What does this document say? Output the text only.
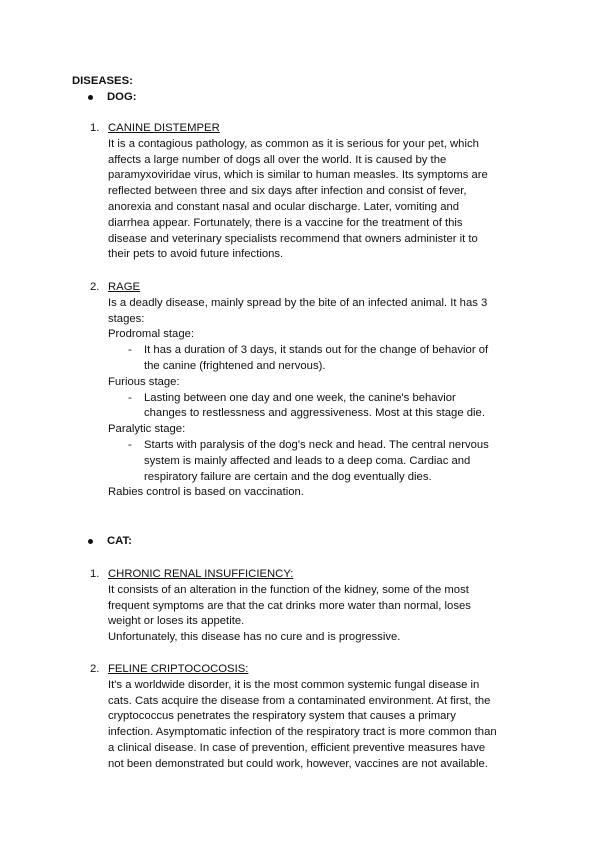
DISEASES:
DOG:
1. CANINE DISTEMPER

It is a contagious pathology, as common as it is serious for your pet, which

affects a large number of dogs all over the world. It is caused by the

paramyxoviridae virus, which is similar to human measles. Its symptoms are

reflected between three and six days after infection and consist of fever,

anorexia and constant nasal and ocular discharge. Later, vomiting and

diarrhea appear. Fortunately, there is a vaccine for the treatment of this

disease and veterinary specialists recommend that owners administer it to

their pets to avoid future infections.

2. RAGE

Is a deadly disease, mainly spread by the bite of an infected animal. It has 3

stages:

Prodromal stage:

- It has a duration of 3 days, it stands out for the change of behavior of

the canine (frightened and nervous).

Furious stage:

- Lasting between one day and one week, the canine's behavior

changes to restlessness and aggressiveness. Most at this stage die.

Paralytic stage:

- Starts with paralysis of the dog's neck and head. The central nervous

system is mainly affected and leads to a deep coma. Cardiac and

respiratory failure are certain and the dog eventually dies.

Rabies control is based on vaccination.

CAT:
1. CHRONIC RENAL INSUFFICIENCY:

It consists of an alteration in the function of the kidney, some of the most

frequent symptoms are that the cat drinks more water than normal, loses

weight or loses its appetite.

Unfortunately, this disease has no cure and is progressive.

2. FELINE CRIPTOCOCOSIS:

It's a worldwide disorder, it is the most common systemic fungal disease in

cats. Cats acquire the disease from a contaminated environment. At first, the

cryptococcus penetrates the respiratory system that causes a primary

infection. Asymptomatic infection of the respiratory tract is more common than

a clinical disease. In case of prevention, efficient preventive measures have

not been demonstrated but could work, however, vaccines are not available.
